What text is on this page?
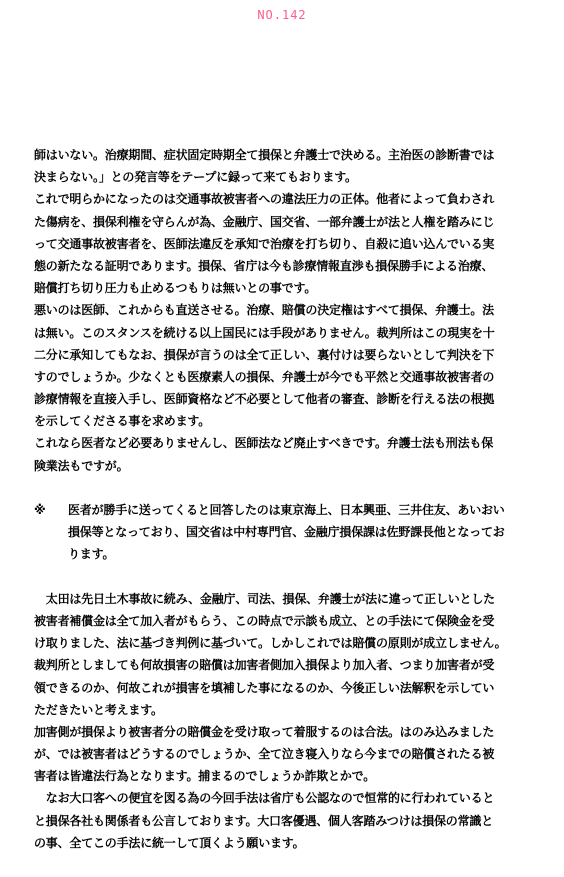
NO.142
師はいない。治療期間、症状固定時期全て損保と弁護士で決める。主治医の診断書では
決まらない。」との発言等をテープに録って来てもおります。
これで明らかになったのは交通事故被害者への違法圧力の正体。他者によって負わされ
た傷病を、損保利権を守らんが為、金融庁、国交省、一部弁護士が法と人権を踏みにじ
って交通事故被害者を、医師法違反を承知で治療を打ち切り、自殺に追い込んでいる実
態の新たなる証明であります。損保、省庁は今も診療情報直渉も損保勝手による治療、
賠償打ち切り圧力も止めるつもりは無いとの事です。
悪いのは医師、これからも直送させる。治療、賠償の決定権はすべて損保、弁護士。法
は無い。このスタンスを続ける以上国民には手段がありません。裁判所はこの現実を十
二分に承知してもなお、損保が言うのは全て正しい、裏付けは要らないとして判決を下
すのでしょうか。少なくとも医療素人の損保、弁護士が今でも平然と交通事故被害者の
診療情報を直接入手し、医師資格など不必要として他者の審査、診断を行える法の根拠
を示してくださる事を求めます。
これなら医者など必要ありませんし、医師法など廃止すべきです。弁護士法も刑法も保
険業法もですが。
※ 医者が勝手に送ってくると回答したのは東京海上、日本興亜、三井住友、あいおい
損保等となっており、国交省は中村専門官、金融庁損保課は佐野課長他となってお
ります。
　太田は先日土木事故に続み、金融庁、司法、損保、弁護士が法に違って正しいとした
被害者補償金は全て加入者がもらう、この時点で示談も成立、との手法にて保険金を受
け取りました、法に基づき判例に基づいて。しかしこれでは賠償の原則が成立しません。
裁判所としましても何故損害の賠償は加害者側加入損保より加入者、つまり加害者が受
領できるのか、何故これが損害を填補した事になるのか、今後正しい法解釈を示してい
ただきたいと考えます。
加害側が損保より被害者分の賠償金を受け取って着服するのは合法。はのみ込みました
が、では被害者はどうするのでしょうか、全て泣き寝入りなら今までの賠償されたる被
害者は皆違法行為となります。捕まるのでしょうか詐欺とかで。
　なお大口客への便宜を図る為の今回手法は省庁も公認なので恒常的に行われていると
と損保各社も関係者も公言しております。大口客優遇、個人客踏みつけは損保の常識と
の事、全てこの手法に統一して頂くよう願います。
